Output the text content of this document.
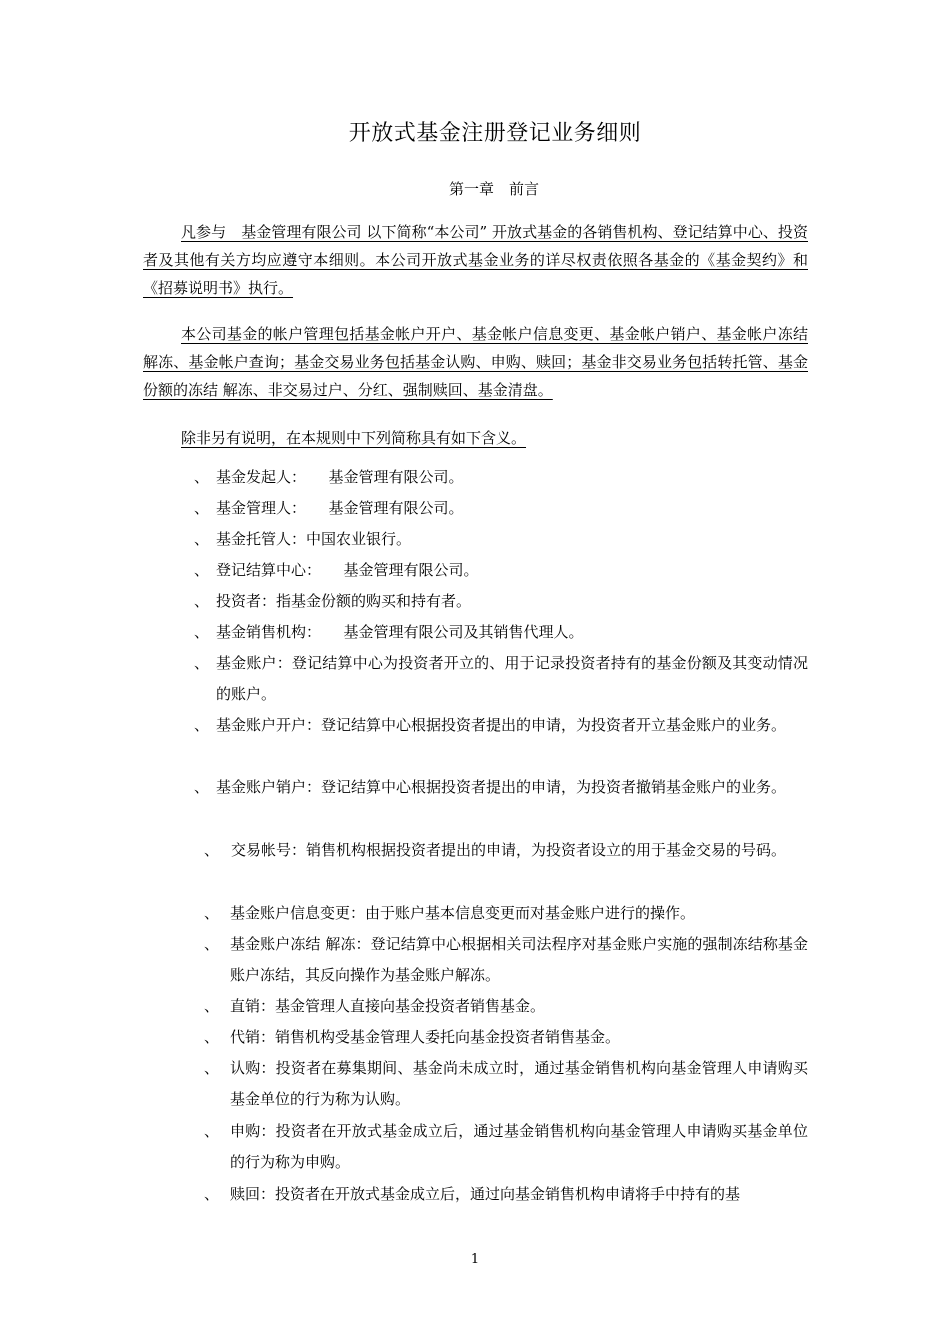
开放式基金注册登记业务细则
第一章　前言
凡参与　基金管理有限公司 以下简称“本公司” 开放式基金的各销售机构、登记结算中心、投资者及其他有关方均应遵守本细则。本公司开放式基金业务的详尽权责依照各基金的《基金契约》和《招募说明书》执行。
本公司基金的帐户管理包括基金帐户开户、基金帐户信息变更、基金帐户销户、基金帐户冻结 解冻、基金帐户查询；基金交易业务包括基金认购、申购、赎回；基金非交易业务包括转托管、基金份额的冻结 解冻、非交易过户、分红、强制赎回、基金清盘。
除非另有说明，在本规则中下列简称具有如下含义。
、 基金发起人：　　基金管理有限公司。
、 基金管理人：　　基金管理有限公司。
、 基金托管人：中国农业银行。
、 登记结算中心：　　基金管理有限公司。
、 投资者：指基金份额的购买和持有者。
、 基金销售机构：　　基金管理有限公司及其销售代理人。
、 基金账户：登记结算中心为投资者开立的、用于记录投资者持有的基金份额及其变动情况的账户。
、 基金账户开户：登记结算中心根据投资者提出的申请，为投资者开立基金账户的业务。
、 基金账户销户：登记结算中心根据投资者提出的申请，为投资者撤销基金账户的业务。
、
　交易帐号：销售机构根据投资者提出的申请，为投资者设立的用于基金交易的号码。
、 基金账户信息变更：由于账户基本信息变更而对基金账户进行的操作。
、 基金账户冻结 解冻：登记结算中心根据相关司法程序对基金账户实施的强制冻结称基金账户冻结，其反向操作为基金账户解冻。
、 直销：基金管理人直接向基金投资者销售基金。
、 代销：销售机构受基金管理人委托向基金投资者销售基金。
、 认购：投资者在募集期间、基金尚未成立时，通过基金销售机构向基金管理人申请购买基金单位的行为称为认购。
、 申购：投资者在开放式基金成立后，通过基金销售机构向基金管理人申请购买基金单位的行为称为申购。
、 赎回：投资者在开放式基金成立后，通过向基金销售机构申请将手中持有的基
1
